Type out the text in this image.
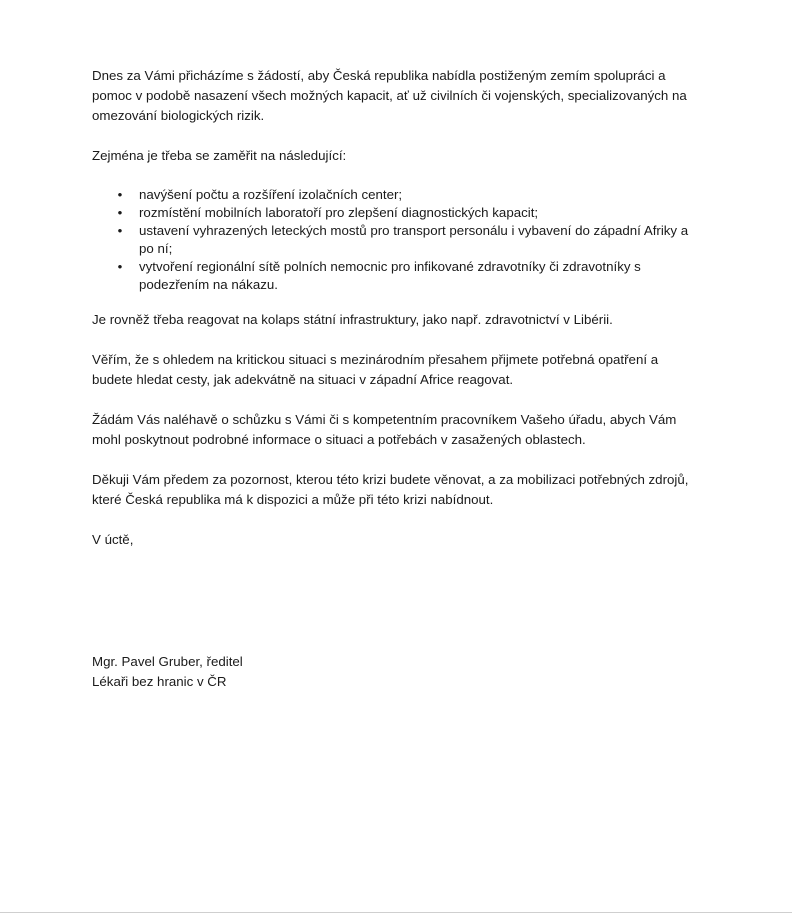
Dnes za Vámi přicházíme s žádostí, aby Česká republika nabídla postiženým zemím spolupráci a pomoc v podobě nasazení všech možných kapacit, ať už civilních či vojenských, specializovaných na omezování biologických rizik.

Zejména je třeba se zaměřit na následující:

• navýšení počtu a rozšíření izolačních center;
• rozmístění mobilních laboratoří pro zlepšení diagnostických kapacit;
• ustavení vyhrazených leteckých mostů pro transport personálu i vybavení do západní Afriky a po ní;
• vytvoření regionální sítě polních nemocnic pro infikované zdravotníky či zdravotníky s podezřením na nákazu.

Je rovněž třeba reagovat na kolaps státní infrastruktury, jako např. zdravotnictví v Libérii.

Věřím, že s ohledem na kritickou situaci s mezinárodním přesahem přijmete potřebná opatření a budete hledat cesty, jak adekvátně na situaci v západní Africe reagovat.

Žádám Vás naléhavě o schůzku s Vámi či s kompetentním pracovníkem Vašeho úřadu, abych Vám mohl poskytnout podrobné informace o situaci a potřebách v zasažených oblastech.

Děkuji Vám předem za pozornost, kterou této krizi budete věnovat, a za mobilizaci potřebných zdrojů, které Česká republika má k dispozici a může při této krizi nabídnout.

V úctě,

Mgr. Pavel Gruber, ředitel

Lékaři bez hranic v ČR
